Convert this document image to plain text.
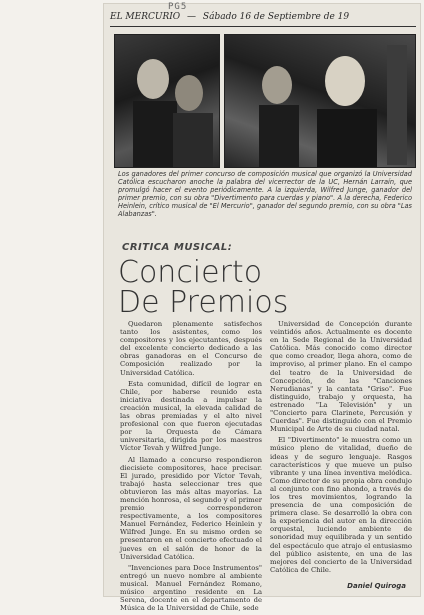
PG5
EL MERCURIO — Sábado 16 de Septiembre de 19
Los ganadores del primer concurso de composición musical que organizó la Universidad Católica escucharon anoche la palabra del vicerrector de la UC, Hernán Larraín, que promulgó hacer el evento periódicamente. A la izquierda, Wilfred Junge, ganador del primer premio, con su obra "Divertimento para cuerdas y piano". A la derecha, Federico Heinlein, crítico musical de "El Mercurio", ganador del segundo premio, con su obra "Las Alabanzas".
CRITICA MUSICAL:
Concierto
De Premios

Quedaron plenamente satisfechos tanto los asistentes, como los compositores y los ejecutantes, después del excelente concierto dedicado a las obras ganadoras en el Concurso de Composición realizado por la Universidad Católica.

Esta comunidad, difícil de lograr en Chile, por haberse reunido esta iniciativa destinada a impulsar la creación musical, la elevada calidad de las obras premiadas y el alto nivel profesional con que fueron ejecutadas por la Orquesta de Cámara universitaria, dirigida por los maestros Víctor Tevah y Wilfred Junge.

Al llamado a concurso respondieron diecisiete compositores, hace precisar. El jurado, presidido por Víctor Tevah, trabajó hasta seleccionar tres que obtuvieron las más altas mayorías. La mención honrosa, el segundo y el primer premio corresponderon respectivamente, a los compositores Manuel Fernández, Federico Heinlein y Wilfred Junge. En su mismo orden se presentaron en el concierto efectuado el jueves en el salón de honor de la Universidad Católica.

"Invenciones para Doce Instrumentos" entregó un nuevo nombre al ambiente musical. Manuel Fernández Romano, músico argentino residente en La Serena, docente en el departamento de Música de la Universidad de Chile, sede

Universidad de Concepción durante veintidós años. Actualmente es docente en la Sede Regional de la Universidad Católica. Más conocido como director que como creador, llega ahora, como de improviso, al primer plano. En el campo del teatro de la Universidad de Concepción, de las "Canciones Nerudianas" y la cantata "Griso". Fue distinguido, trabajo y orquesta, ha estrenado "La Televisión" y un "Concierto para Clarinete, Percusión y Cuerdas". Fue distinguido con el Premio Municipal de Arte de su ciudad natal.

El "Divertimento" le muestra como un músico pleno de vitalidad, dueño de ideas y de seguro lenguaje. Rasgos característicos y que mueve un pulso vibrante y una línea inventiva melódica. Como director de su propia obra condujo al conjunto con fino ahondo, a través de los tres movimientos, logrando la presencia de una composición de primera clase. Se desarrolló la obra con la experiencia del autor en la dirección orquestal, luciendo ambiente de sonoridad muy equilibrada y un sentido del espectáculo que atrajo el entusiasmo del público asistente, en una de las mejores del concierto de la Universidad Católica de Chile.

Daniel Quiroga
